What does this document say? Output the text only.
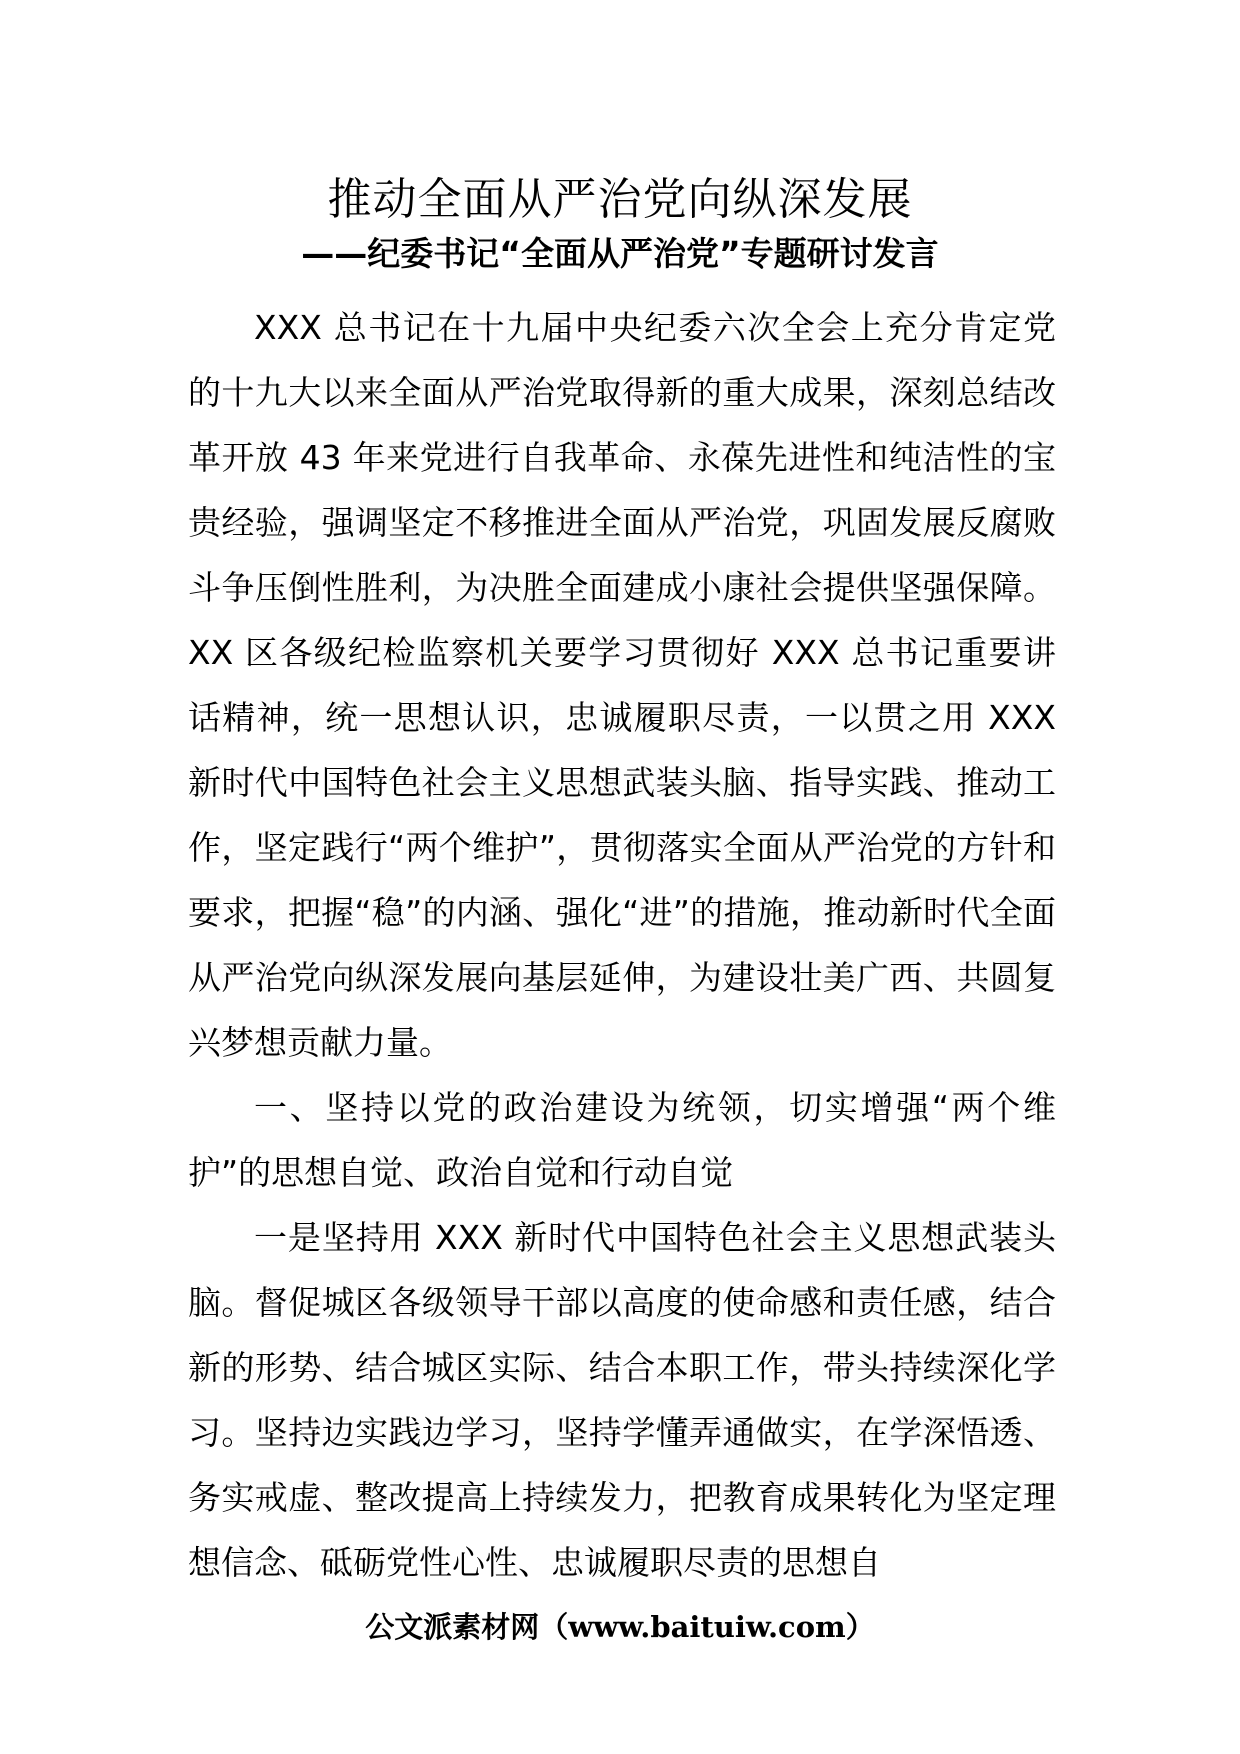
推动全面从严治党向纵深发展
——纪委书记“全面从严治党”专题研讨发言

XXX 总书记在十九届中央纪委六次全会上充分肯定党的十九大以来全面从严治党取得新的重大成果，深刻总结改革开放 43 年来党进行自我革命、永葆先进性和纯洁性的宝贵经验，强调坚定不移推进全面从严治党，巩固发展反腐败斗争压倒性胜利，为决胜全面建成小康社会提供坚强保障。XX 区各级纪检监察机关要学习贯彻好 XXX 总书记重要讲话精神，统一思想认识，忠诚履职尽责，一以贯之用 XXX 新时代中国特色社会主义思想武装头脑、指导实践、推动工作，坚定践行“两个维护”，贯彻落实全面从严治党的方针和要求，把握“稳”的内涵、强化“进”的措施，推动新时代全面从严治党向纵深发展向基层延伸，为建设壮美广西、共圆复兴梦想贡献力量。

一、坚持以党的政治建设为统领，切实增强“两个维护”的思想自觉、政治自觉和行动自觉

一是坚持用 XXX 新时代中国特色社会主义思想武装头脑。督促城区各级领导干部以高度的使命感和责任感，结合新的形势、结合城区实际、结合本职工作，带头持续深化学习。坚持边实践边学习，坚持学懂弄通做实，在学深悟透、务实戒虚、整改提高上持续发力，把教育成果转化为坚定理想信念、砥砺党性心性、忠诚履职尽责的思想自

公文派素材网（www.baituiw.com）
